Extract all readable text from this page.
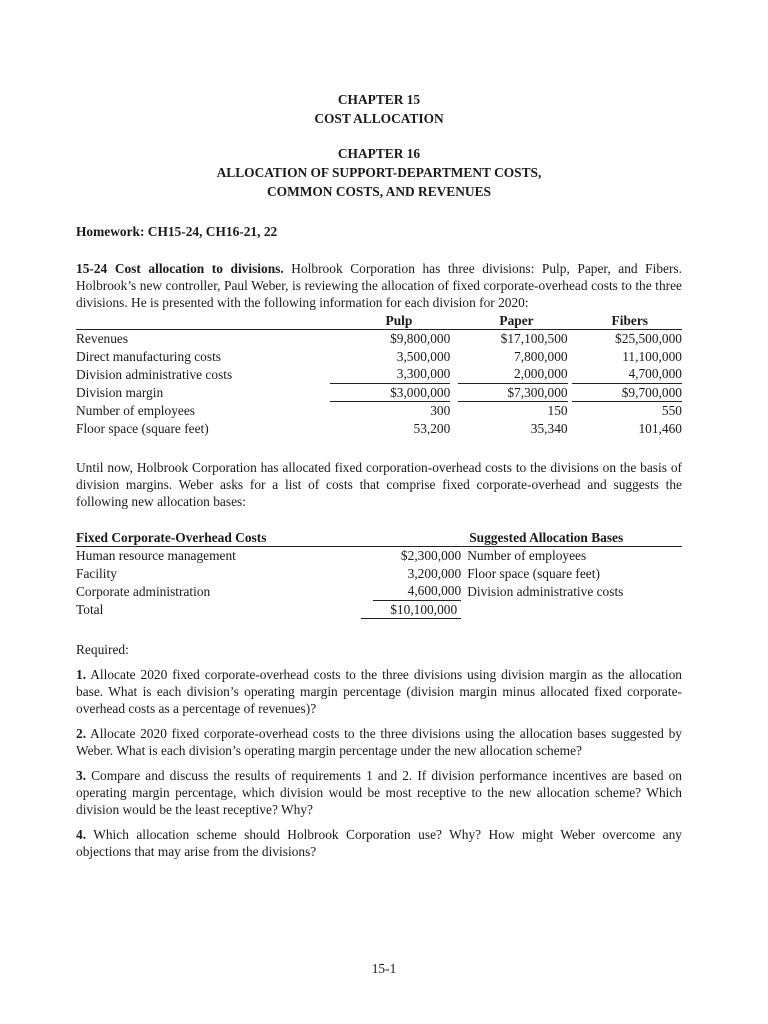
CHAPTER 15
COST ALLOCATION
CHAPTER 16
ALLOCATION OF SUPPORT-DEPARTMENT COSTS,
COMMON COSTS, AND REVENUES
Homework: CH15-24, CH16-21, 22

15-24 Cost allocation to divisions. Holbrook Corporation has three divisions: Pulp, Paper, and Fibers. Holbrook’s new controller, Paul Weber, is reviewing the allocation of fixed corporate-overhead costs to the three divisions. He is presented with the following information for each division for 2020:

	Pulp	Paper	Fibers
Revenues	$9,800,000	$17,100,500	$25,500,000
Direct manufacturing costs	3,500,000	7,800,000	11,100,000
Division administrative costs	3,300,000	2,000,000	4,700,000
Division margin	$3,000,000	$7,300,000	$9,700,000
Number of employees	300	150	550
Floor space (square feet)	53,200	35,340	101,460

Until now, Holbrook Corporation has allocated fixed corporation-overhead costs to the divisions on the basis of division margins. Weber asks for a list of costs that comprise fixed corporate-overhead and suggests the following new allocation bases:

Fixed Corporate-Overhead Costs		Suggested Allocation Bases
Human resource management	$2,300,000	Number of employees
Facility	3,200,000	Floor space (square feet)
Corporate administration	4,600,000	Division administrative costs
Total	$10,100,000	
Required:

1. Allocate 2020 fixed corporate-overhead costs to the three divisions using division margin as the allocation base. What is each division’s operating margin percentage (division margin minus allocated fixed corporate-overhead costs as a percentage of revenues)?

2. Allocate 2020 fixed corporate-overhead costs to the three divisions using the allocation bases suggested by Weber. What is each division’s operating margin percentage under the new allocation scheme?

3. Compare and discuss the results of requirements 1 and 2. If division performance incentives are based on operating margin percentage, which division would be most receptive to the new allocation scheme? Which division would be the least receptive? Why?

4. Which allocation scheme should Holbrook Corporation use? Why? How might Weber overcome any objections that may arise from the divisions?

15-1
